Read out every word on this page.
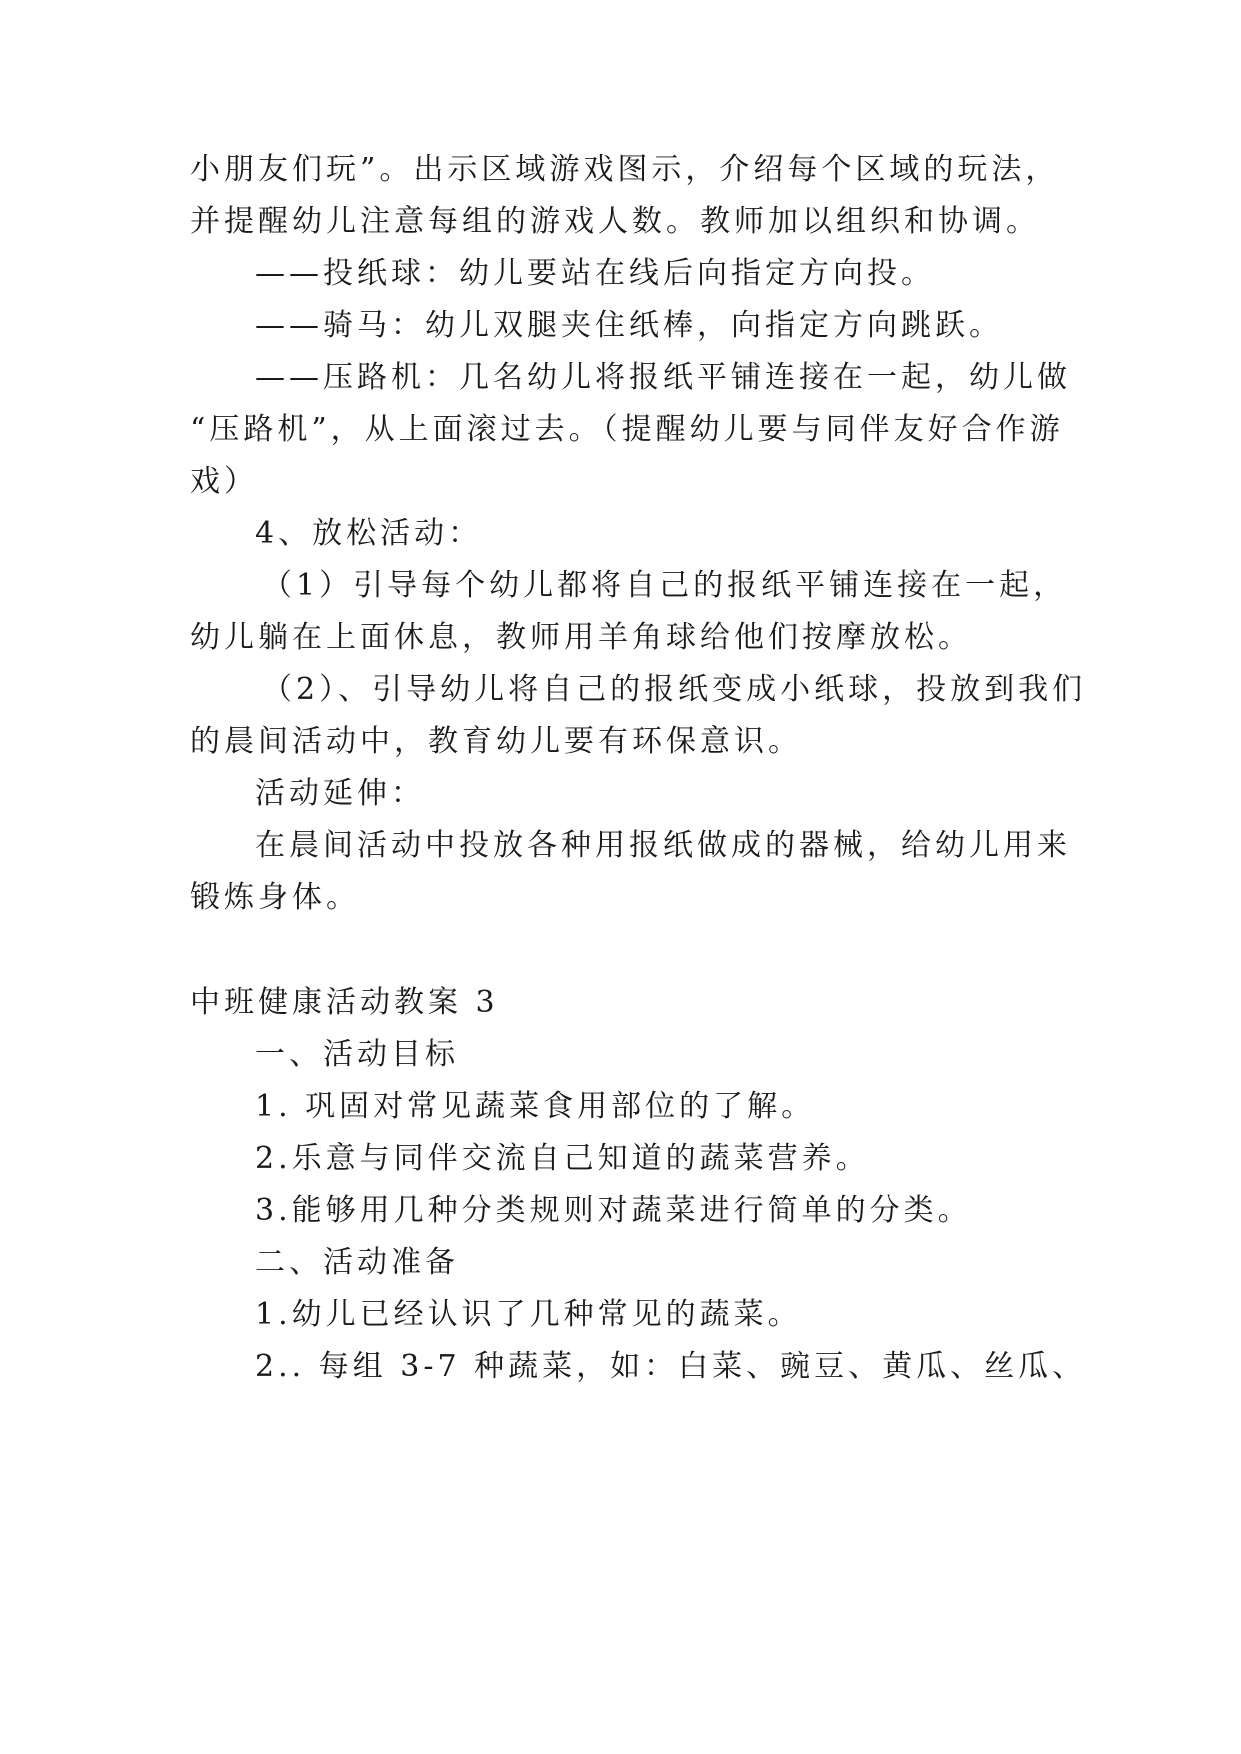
小朋友们玩”。出示区域游戏图示，介绍每个区域的玩法，
并提醒幼儿注意每组的游戏人数。教师加以组织和协调。
——投纸球：幼儿要站在线后向指定方向投。
——骑马：幼儿双腿夹住纸棒，向指定方向跳跃。
——压路机：几名幼儿将报纸平铺连接在一起，幼儿做
“压路机”，从上面滚过去。（提醒幼儿要与同伴友好合作游
戏）
4、放松活动：
（1）引导每个幼儿都将自己的报纸平铺连接在一起，
幼儿躺在上面休息，教师用羊角球给他们按摩放松。
（2）、引导幼儿将自己的报纸变成小纸球，投放到我们
的晨间活动中，教育幼儿要有环保意识。
活动延伸：
在晨间活动中投放各种用报纸做成的器械，给幼儿用来
锻炼身体。
中班健康活动教案 3
一、活动目标
1. 巩固对常见蔬菜食用部位的了解。
2.乐意与同伴交流自己知道的蔬菜营养。
3.能够用几种分类规则对蔬菜进行简单的分类。
二、活动准备
1.幼儿已经认识了几种常见的蔬菜。
2.. 每组 3-7 种蔬菜，如：白菜、豌豆、黄瓜、丝瓜、
